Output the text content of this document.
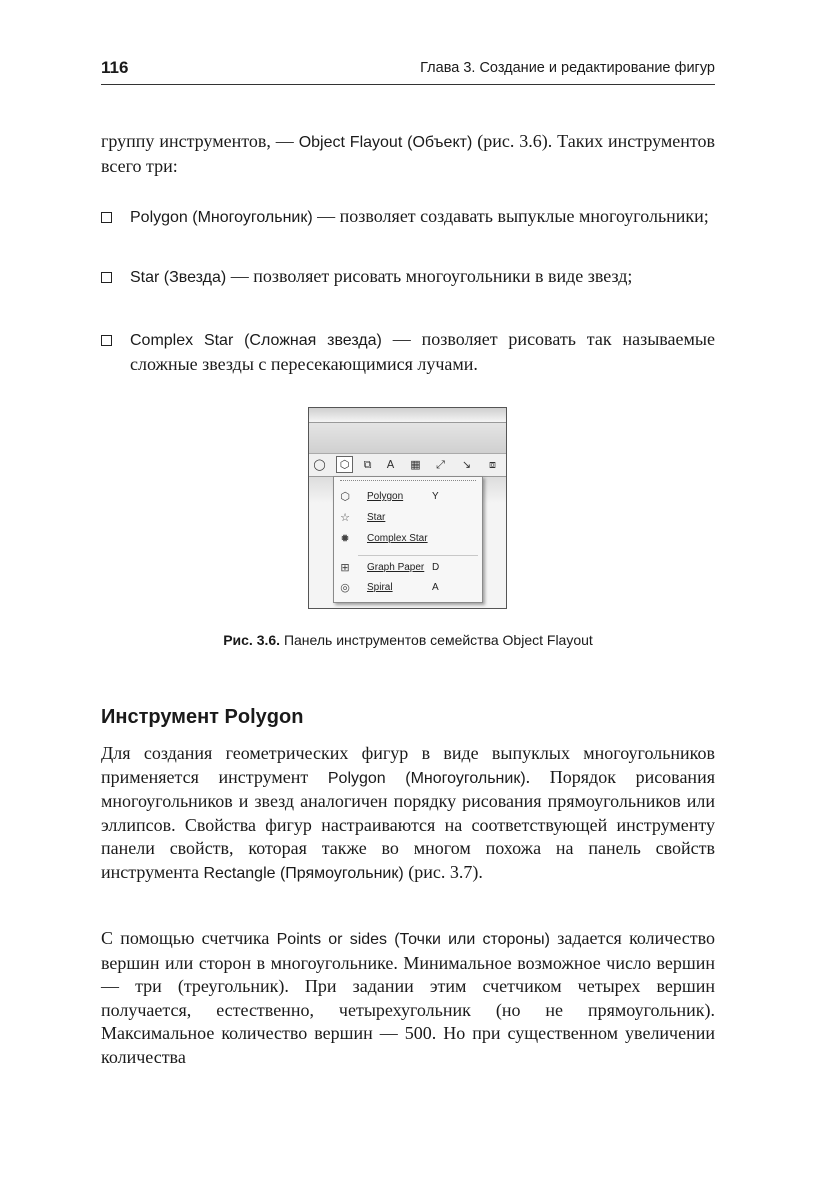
116	Глава 3. Создание и редактирование фигур
группу инструментов, — Object Flayout (Объект) (рис. 3.6). Таких инструментов всего три:
Polygon (Многоугольник) — позволяет создавать выпуклые многоугольники;
Star (Звезда) — позволяет рисовать многоугольники в виде звезд;
Complex Star (Сложная звезда) — позволяет рисовать так называемые сложные звезды с пересекающимися лучами.
◯	⬡	⧉	A	▦ ⤢ ↘	⧈
⬡ Polygon	Y
☆ Star
✹ Complex Star
⊞ Graph Paper D
◎ Spiral	A
Рис. 3.6. Панель инструментов семейства Object Flayout
Инструмент Polygon
Для создания геометрических фигур в виде выпуклых многоугольников применяется инструмент Polygon (Многоугольник). Порядок рисования многоугольников и звезд аналогичен порядку рисования прямоугольников или эллипсов. Свойства фигур настраиваются на соответствующей инструменту панели свойств, которая также во многом похожа на панель свойств инструмента Rectangle (Прямоугольник) (рис. 3.7).
С помощью счетчика Points or sides (Точки или стороны) задается количество вершин или сторон в многоугольнике. Минимальное возможное число вершин — три (треугольник). При задании этим счетчиком четырех вершин получается, естественно, четырехугольник (но не прямоугольник). Максимальное количество вершин — 500. Но при существенном увеличении количества
